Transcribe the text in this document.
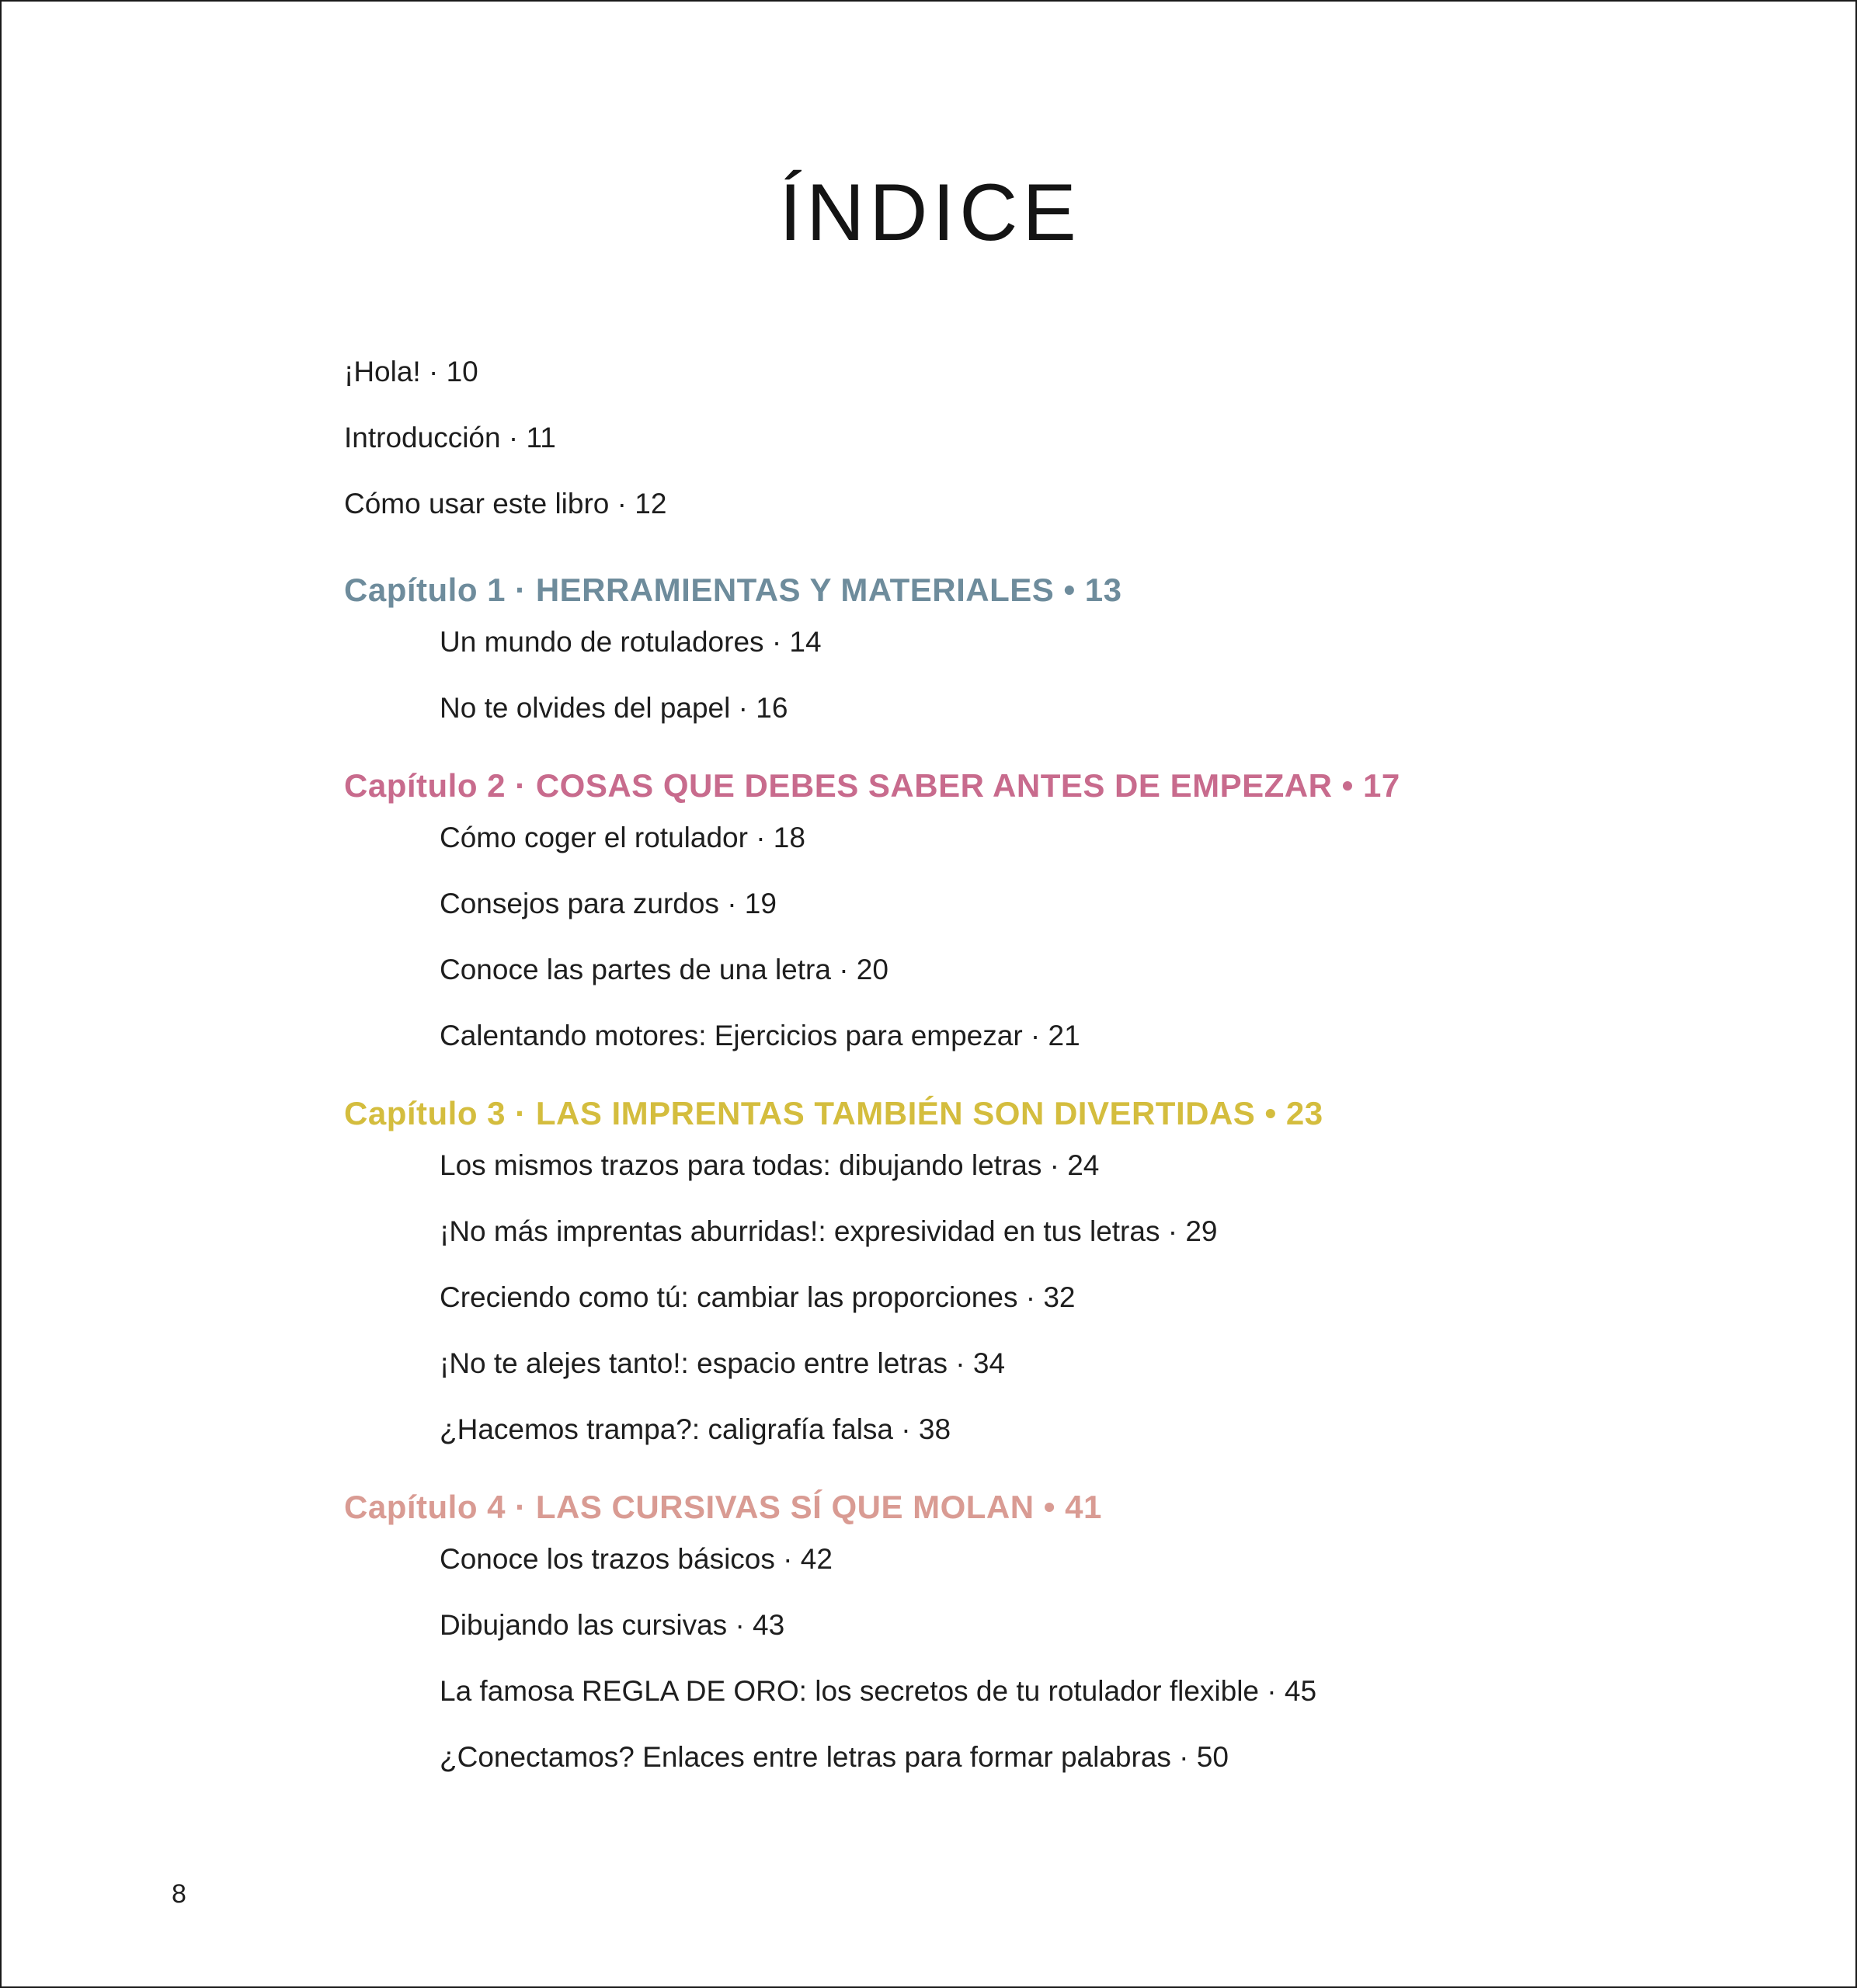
ÍNDICE
¡Hola! · 10
Introducción · 11
Cómo usar este libro · 12
Capítulo 1 · HERRAMIENTAS Y MATERIALES • 13
Un mundo de rotuladores · 14
No te olvides del papel · 16
Capítulo 2 · COSAS QUE DEBES SABER ANTES DE EMPEZAR • 17
Cómo coger el rotulador · 18
Consejos para zurdos · 19
Conoce las partes de una letra · 20
Calentando motores: Ejercicios para empezar · 21
Capítulo 3 · LAS IMPRENTAS TAMBIÉN SON DIVERTIDAS • 23
Los mismos trazos para todas: dibujando letras · 24
¡No más imprentas aburridas!: expresividad en tus letras · 29
Creciendo como tú: cambiar las proporciones · 32
¡No te alejes tanto!: espacio entre letras · 34
¿Hacemos trampa?: caligrafía falsa · 38
Capítulo 4 · LAS CURSIVAS SÍ QUE MOLAN • 41
Conoce los trazos básicos · 42
Dibujando las cursivas · 43
La famosa REGLA DE ORO: los secretos de tu rotulador flexible · 45
¿Conectamos? Enlaces entre letras para formar palabras · 50
8
